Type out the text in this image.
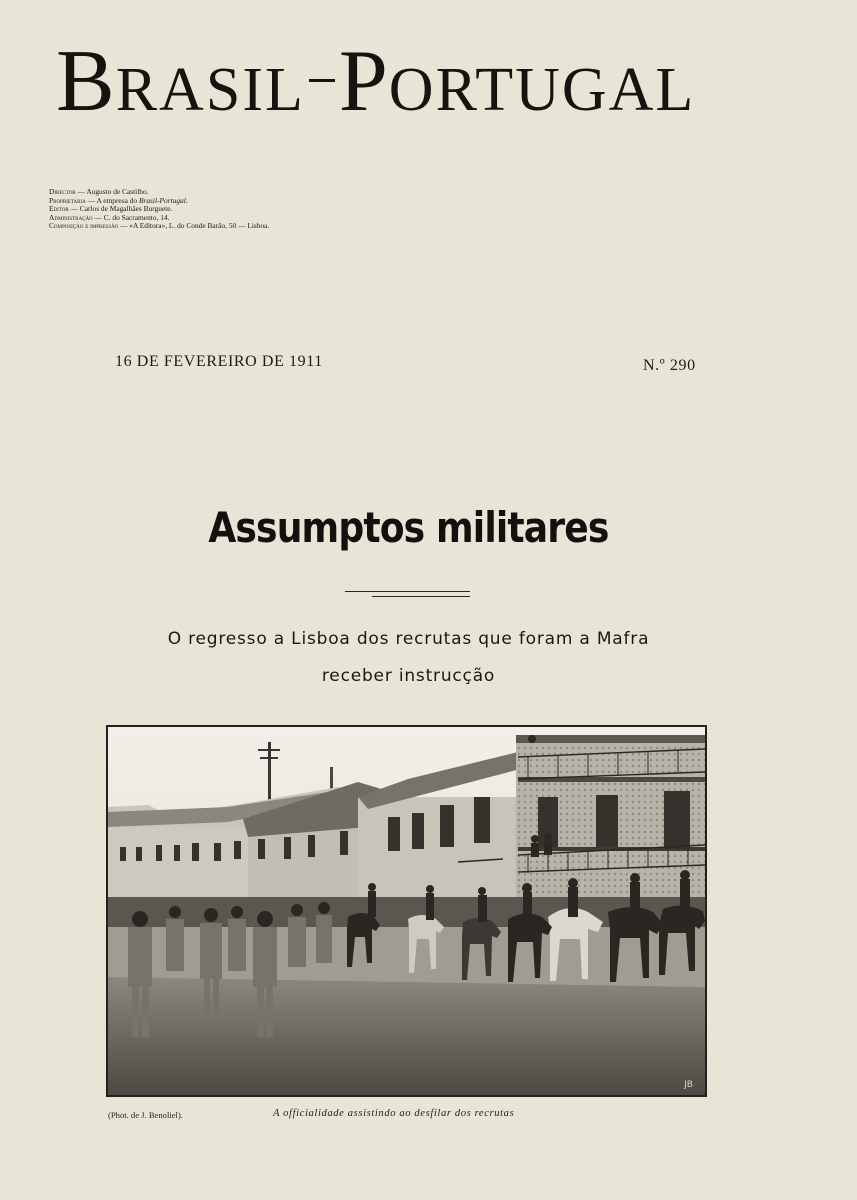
BRASIL PORTUGAL
Director — Augusto de Castilho.
Proprietaria — A empresa do Brasil-Portugal.
Editor — Carlos de Magalhães Burguete.
Administração — C. do Sacramento, 14.
Composição e impressão — «A Editora», L. do Conde Barão, 50 — Lisboa.
16 DE FEVEREIRO DE 1911	N.º 290
Assumptos militares
O regresso a Lisboa dos recrutas que foram a Mafra
receber instrucção
JB
(Phot. de J. Benoliel).	A officialidade assistindo ao desfilar dos recrutas
